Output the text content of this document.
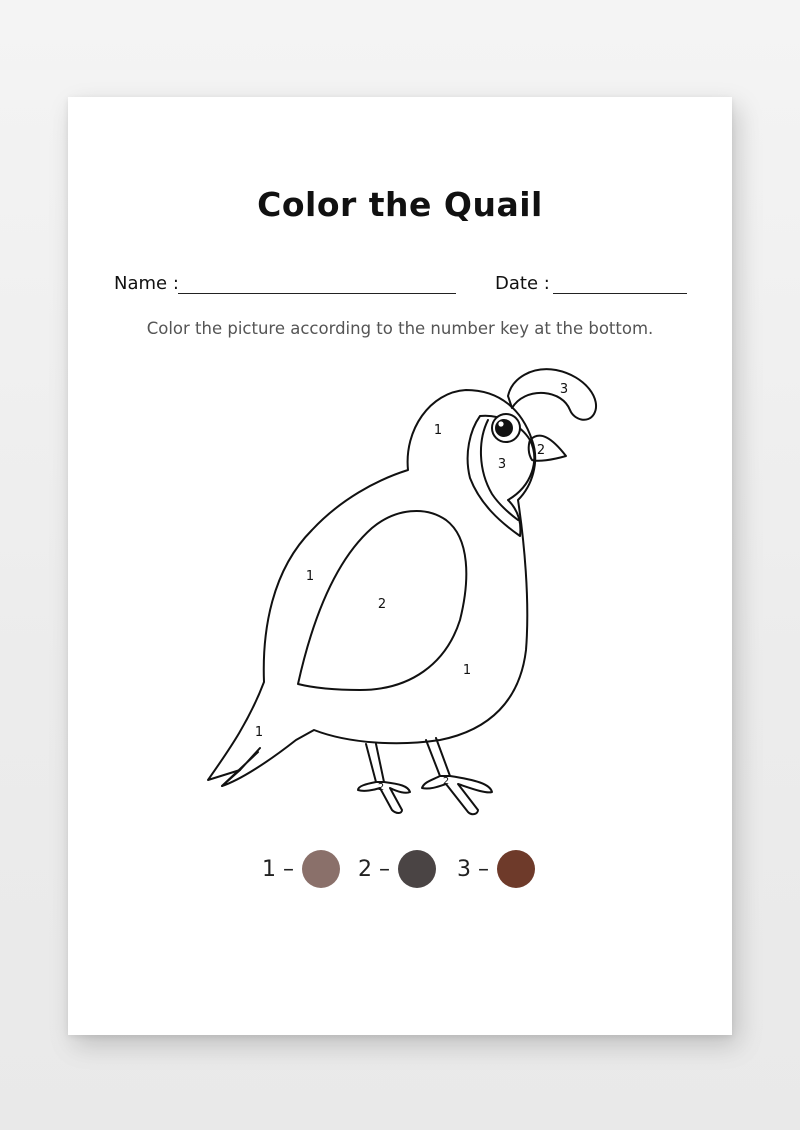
Color the Quail
Name :	Date :

Color the picture according to the number key at the bottom.

3
1
3
2
1
2
1
1
2
2
1 –	2 –	3 –
